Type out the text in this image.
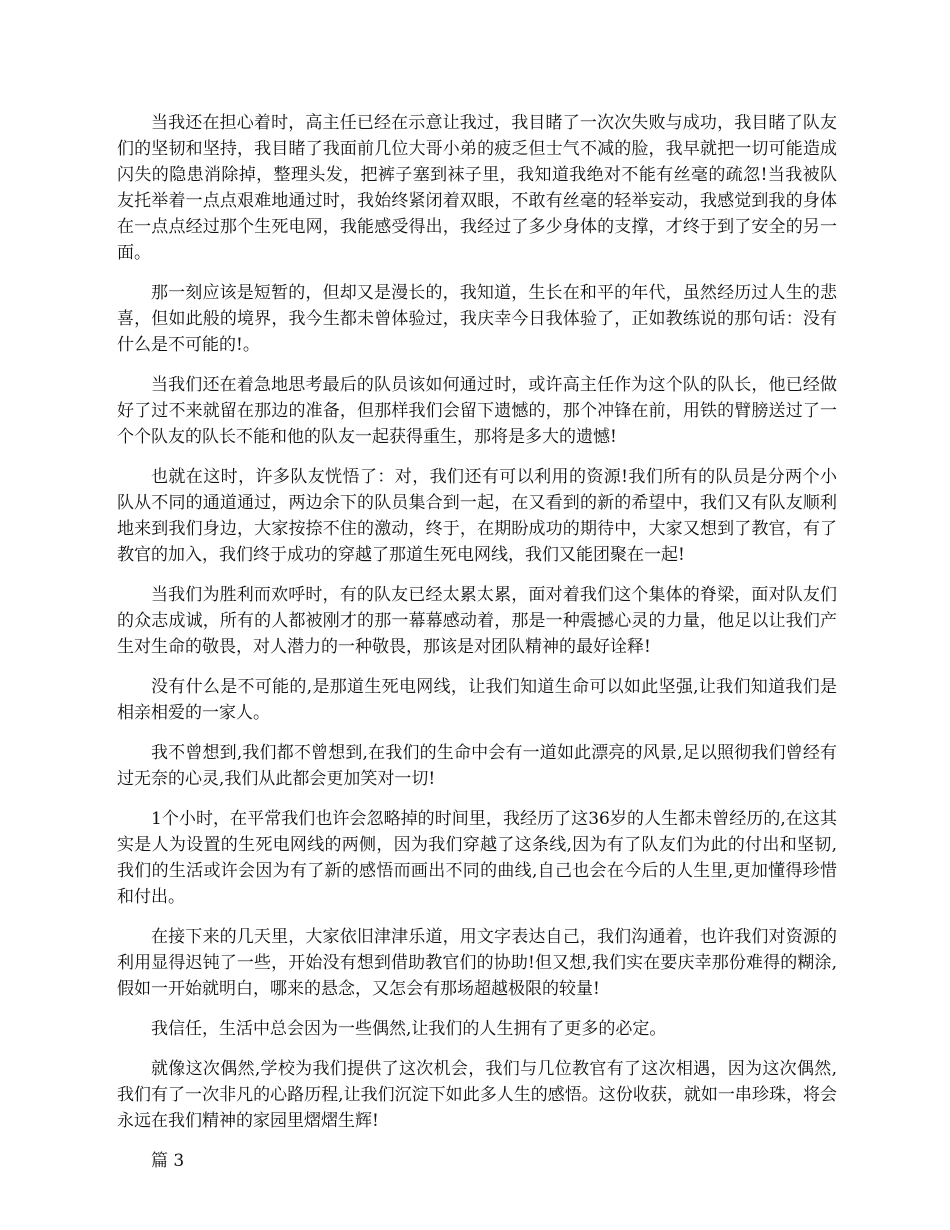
当我还在担心着时，高主任已经在示意让我过，我目睹了一次次失败与成功，我目睹了队友们的坚韧和坚持，我目睹了我面前几位大哥小弟的疲乏但士气不减的脸，我早就把一切可能造成闪失的隐患消除掉，整理头发，把裤子塞到袜子里，我知道我绝对不能有丝毫的疏忽!当我被队友托举着一点点艰难地通过时，我始终紧闭着双眼，不敢有丝毫的轻举妄动，我感觉到我的身体在一点点经过那个生死电网，我能感受得出，我经过了多少身体的支撑，才终于到了安全的另一面。

那一刻应该是短暂的，但却又是漫长的，我知道，生长在和平的年代，虽然经历过人生的悲喜，但如此般的境界，我今生都未曾体验过，我庆幸今日我体验了，正如教练说的那句话：没有什么是不可能的!。

当我们还在着急地思考最后的队员该如何通过时，或许高主任作为这个队的队长，他已经做好了过不来就留在那边的准备，但那样我们会留下遗憾的，那个冲锋在前，用铁的臂膀送过了一个个队友的队长不能和他的队友一起获得重生，那将是多大的遗憾!

也就在这时，许多队友恍悟了：对，我们还有可以利用的资源!我们所有的队员是分两个小队从不同的通道通过，两边余下的队员集合到一起，在又看到的新的希望中，我们又有队友顺利地来到我们身边，大家按捺不住的激动，终于，在期盼成功的期待中，大家又想到了教官，有了教官的加入，我们终于成功的穿越了那道生死电网线，我们又能团聚在一起!

当我们为胜利而欢呼时，有的队友已经太累太累，面对着我们这个集体的脊梁，面对队友们的众志成诚，所有的人都被刚才的那一幕幕感动着，那是一种震撼心灵的力量，他足以让我们产生对生命的敬畏，对人潜力的一种敬畏，那该是对团队精神的最好诠释!

没有什么是不可能的,是那道生死电网线，让我们知道生命可以如此坚强,让我们知道我们是相亲相爱的一家人。

我不曾想到,我们都不曾想到,在我们的生命中会有一道如此漂亮的风景,足以照彻我们曾经有过无奈的心灵,我们从此都会更加笑对一切!

1个小时，在平常我们也许会忽略掉的时间里，我经历了这36岁的人生都未曾经历的,在这其实是人为设置的生死电网线的两侧，因为我们穿越了这条线,因为有了队友们为此的付出和坚韧,我们的生活或许会因为有了新的感悟而画出不同的曲线,自己也会在今后的人生里,更加懂得珍惜和付出。

在接下来的几天里，大家依旧津津乐道，用文字表达自己，我们沟通着，也许我们对资源的利用显得迟钝了一些，开始没有想到借助教官们的协助!但又想,我们实在要庆幸那份难得的糊涂,假如一开始就明白，哪来的悬念，又怎会有那场超越极限的较量!

我信任，生活中总会因为一些偶然,让我们的人生拥有了更多的必定。

就像这次偶然,学校为我们提供了这次机会，我们与几位教官有了这次相遇，因为这次偶然,我们有了一次非凡的心路历程,让我们沉淀下如此多人生的感悟。这份收获，就如一串珍珠，将会永远在我们精神的家园里熠熠生辉!

篇 3
